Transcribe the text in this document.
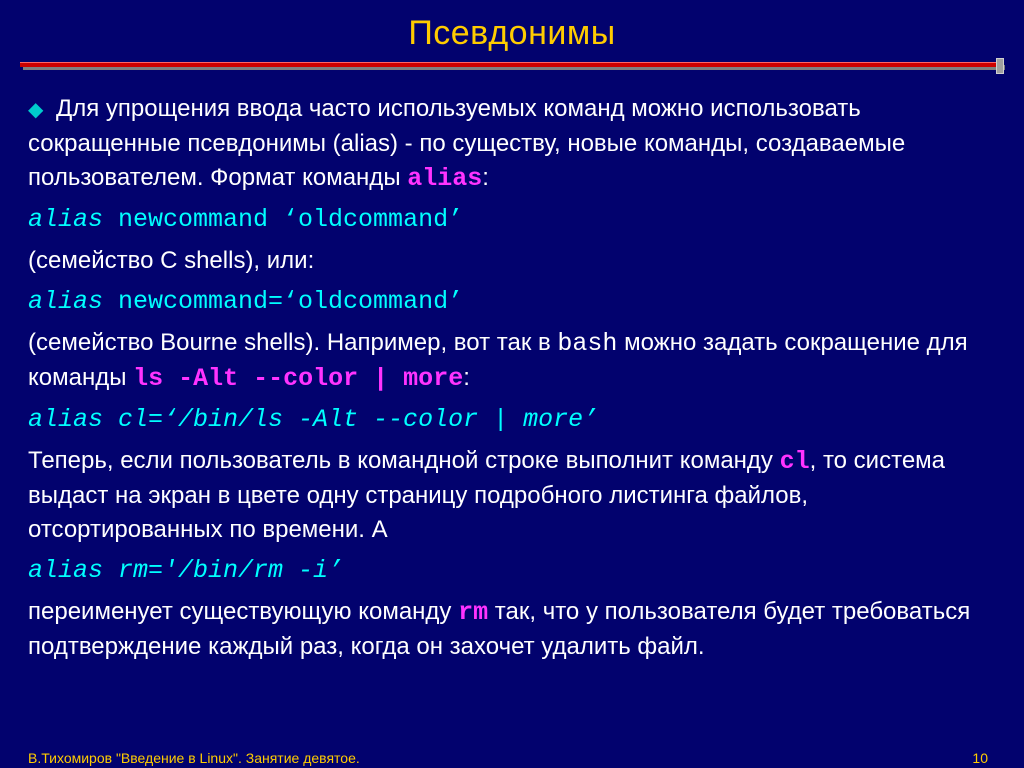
Псевдонимы
◆ Для упрощения ввода часто используемых команд можно использовать сокращенные псевдонимы (alias) - по существу, новые команды, создаваемые пользователем. Формат команды alias:
alias newcommand ‘oldcommand’
(семейство C shells), или:
alias newcommand=‘oldcommand’
(семейство Bourne shells). Например, вот так в bash можно задать сокращение для команды ls -Alt --color | more:
alias cl=‘/bin/ls -Alt --color | more’
Теперь, если пользователь в командной строке выполнит команду cl, то система выдаст на экран в цвете одну страницу подробного листинга файлов, отсортированных по времени. А
alias rm='/bin/rm -i’
переименует существующую команду rm так, что у пользователя будет требоваться подтверждение каждый раз, когда он захочет удалить файл.
В.Тихомиров "Введение в Linux". Занятие девятое.	10
